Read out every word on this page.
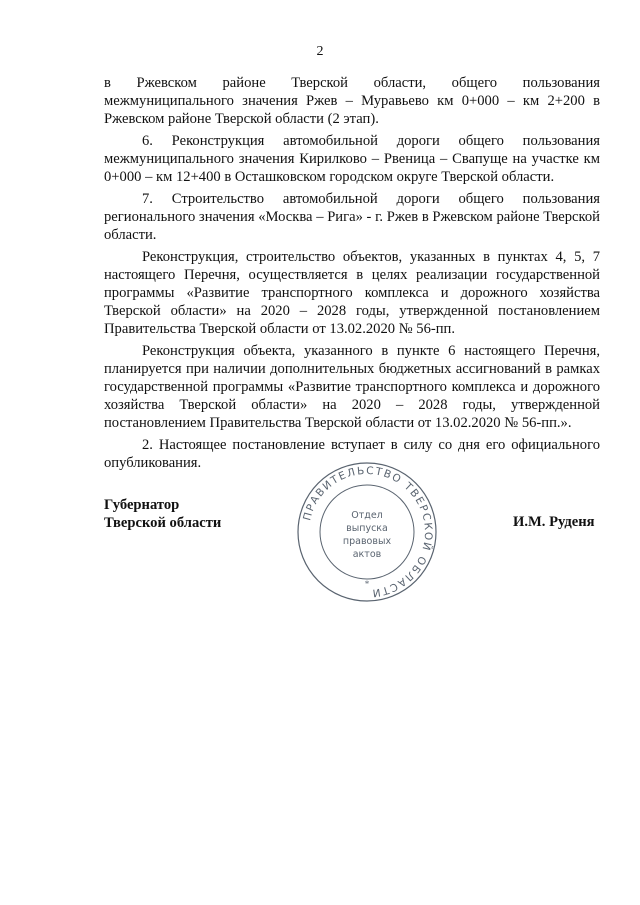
2

в Ржевском районе Тверской области, общего пользования межмуниципального значения Ржев – Муравьево км 0+000 – км 2+200 в Ржевском районе Тверской области (2 этап).

6. Реконструкция автомобильной дороги общего пользования межмуниципального значения Кирилково – Рвеница – Свапуще на участке км 0+000 – км 12+400 в Осташковском городском округе Тверской области.

7. Строительство автомобильной дороги общего пользования регионального значения «Москва – Рига» - г. Ржев в Ржевском районе Тверской области.

Реконструкция, строительство объектов, указанных в пунктах 4, 5, 7 настоящего Перечня, осуществляется в целях реализации государственной программы «Развитие транспортного комплекса и дорожного хозяйства Тверской области» на 2020 – 2028 годы, утвержденной постановлением Правительства Тверской области от 13.02.2020 № 56-пп.

Реконструкция объекта, указанного в пункте 6 настоящего Перечня, планируется при наличии дополнительных бюджетных ассигнований в рамках государственной программы «Развитие транспортного комплекса и дорожного хозяйства Тверской области» на 2020 – 2028 годы, утвержденной постановлением Правительства Тверской области от 13.02.2020 № 56-пп.».

2. Настоящее постановление вступает в силу со дня его официального опубликования.

Губернатор
Тверской области	ПРАВИТЕЛЬСТВО ТВЕРСКОЙ ОБЛАСТИ
*
Отдел
выпуска
правовых
актов
И.М. Руденя
